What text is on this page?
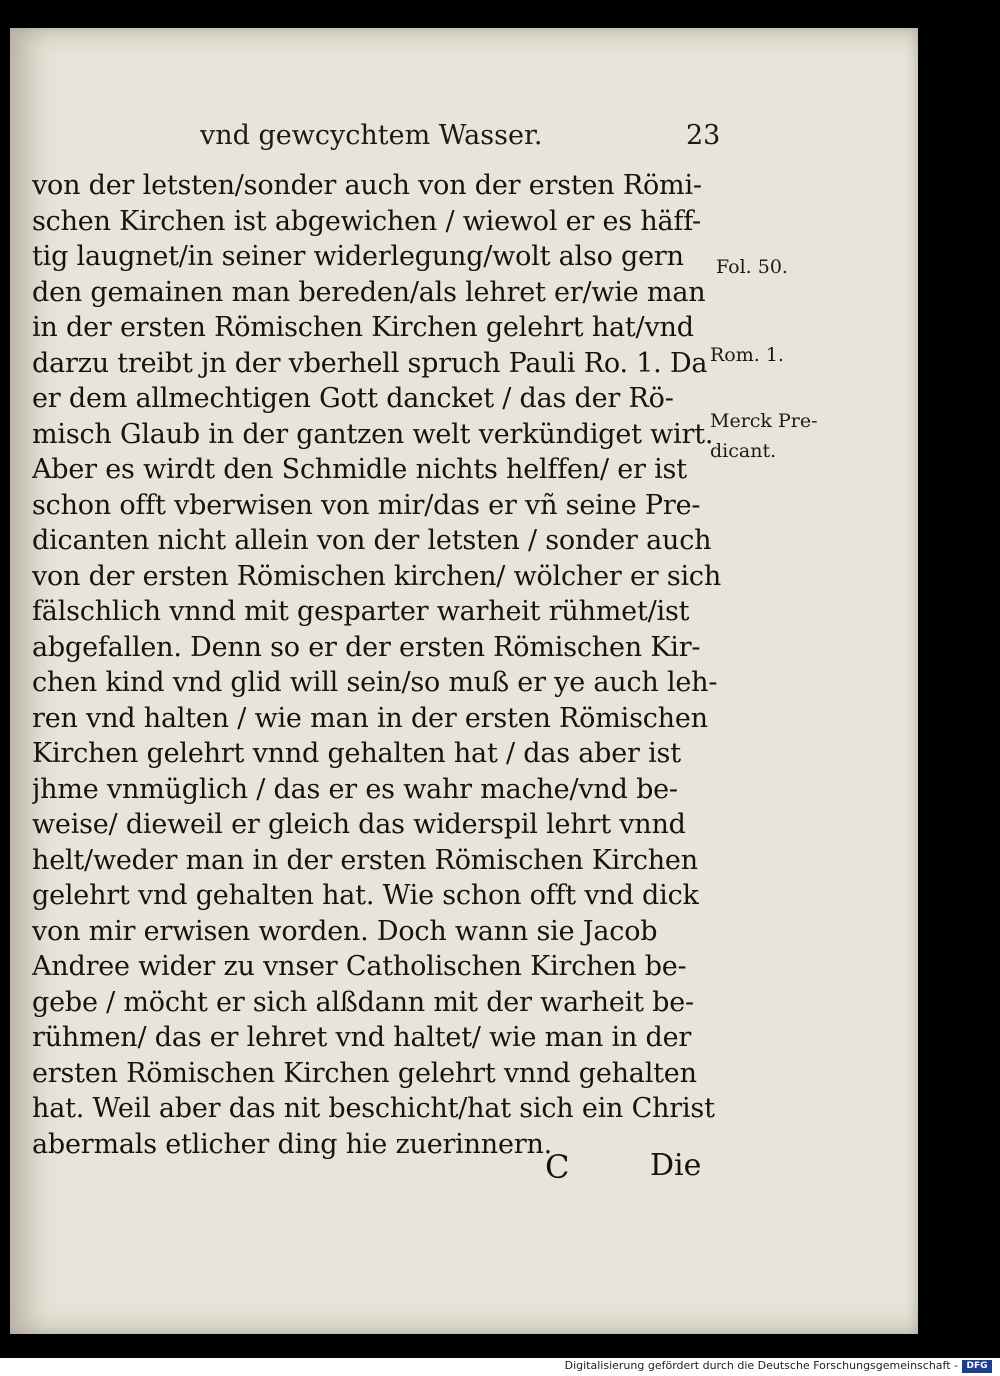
vnd gewcychtem Wasser.	23
von der letsten/sonder auch von der ersten Römi-
schen Kirchen ist abgewichen / wiewol er es häff-
tig laugnet/in seiner widerlegung/wolt also gern
den gemainen man bereden/als lehret er/wie man
in der ersten Römischen Kirchen gelehrt hat/vnd
darzu treibt jn der vberhell spruch Pauli Ro. 1. Da
er dem allmechtigen Gott dancket / das der Rö-
misch Glaub in der gantzen welt verkündiget wirt.
Aber es wirdt den Schmidle nichts helffen/ er ist
schon offt vberwisen von mir/das er vñ seine Pre-
dicanten nicht allein von der letsten / sonder auch
von der ersten Römischen kirchen/ wölcher er sich
fälschlich vnnd mit gesparter warheit rühmet/ist
abgefallen. Denn so er der ersten Römischen Kir-
chen kind vnd glid will sein/so muß er ye auch leh-
ren vnd halten / wie man in der ersten Römischen
Kirchen gelehrt vnnd gehalten hat / das aber ist
jhme vnmüglich / das er es wahr mache/vnd be-
weise/ dieweil er gleich das widerspil lehrt vnnd
helt/weder man in der ersten Römischen Kirchen
gelehrt vnd gehalten hat. Wie schon offt vnd dick
von mir erwisen worden. Doch wann sie Jacob
Andree wider zu vnser Catholischen Kirchen be-
gebe / möcht er sich alßdann mit der warheit be-
rühmen/ das er lehret vnd haltet/ wie man in der
ersten Römischen Kirchen gelehrt vnnd gehalten
hat. Weil aber das nit beschicht/hat sich ein Christ
abermals etlicher ding hie zuerinnern.
Fol. 50.
Rom. 1.
Merck Pre-
dicant.
C	Die
Digitalisierung gefördert durch die Deutsche Forschungsgemeinschaft - DFG
